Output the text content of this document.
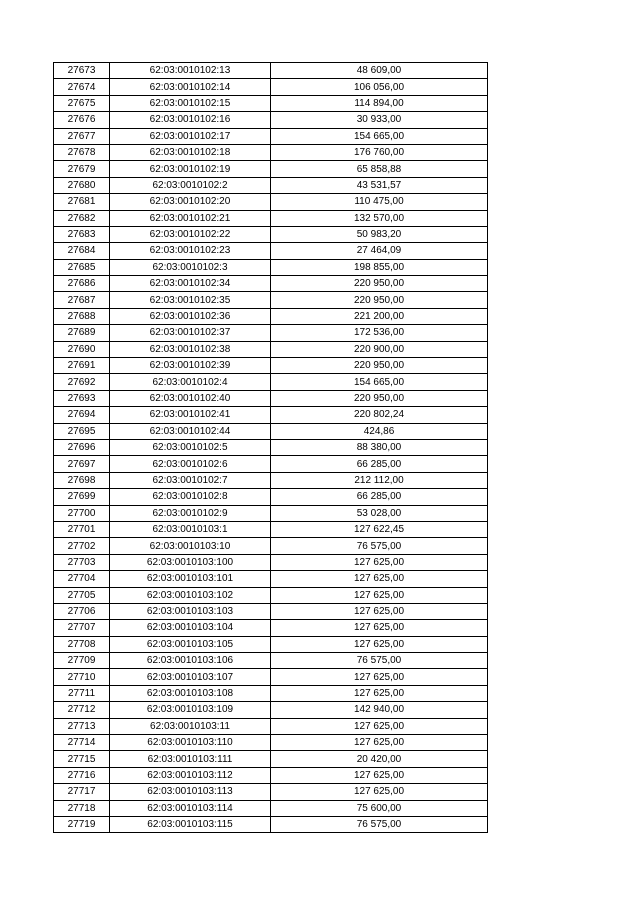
27673	62:03:0010102:13	48 609,00
27674	62:03:0010102:14	106 056,00
27675	62:03:0010102:15	114 894,00
27676	62:03:0010102:16	30 933,00
27677	62:03:0010102:17	154 665,00
27678	62:03:0010102:18	176 760,00
27679	62:03:0010102:19	65 858,88
27680	62:03:0010102:2	43 531,57
27681	62:03:0010102:20	110 475,00
27682	62:03:0010102:21	132 570,00
27683	62:03:0010102:22	50 983,20
27684	62:03:0010102:23	27 464,09
27685	62:03:0010102:3	198 855,00
27686	62:03:0010102:34	220 950,00
27687	62:03:0010102:35	220 950,00
27688	62:03:0010102:36	221 200,00
27689	62:03:0010102:37	172 536,00
27690	62:03:0010102:38	220 900,00
27691	62:03:0010102:39	220 950,00
27692	62:03:0010102:4	154 665,00
27693	62:03:0010102:40	220 950,00
27694	62:03:0010102:41	220 802,24
27695	62:03:0010102:44	424,86
27696	62:03:0010102:5	88 380,00
27697	62:03:0010102:6	66 285,00
27698	62:03:0010102:7	212 112,00
27699	62:03:0010102:8	66 285,00
27700	62:03:0010102:9	53 028,00
27701	62:03:0010103:1	127 622,45
27702	62:03:0010103:10	76 575,00
27703	62:03:0010103:100	127 625,00
27704	62:03:0010103:101	127 625,00
27705	62:03:0010103:102	127 625,00
27706	62:03:0010103:103	127 625,00
27707	62:03:0010103:104	127 625,00
27708	62:03:0010103:105	127 625,00
27709	62:03:0010103:106	76 575,00
27710	62:03:0010103:107	127 625,00
27711	62:03:0010103:108	127 625,00
27712	62:03:0010103:109	142 940,00
27713	62:03:0010103:11	127 625,00
27714	62:03:0010103:110	127 625,00
27715	62:03:0010103:111	20 420,00
27716	62:03:0010103:112	127 625,00
27717	62:03:0010103:113	127 625,00
27718	62:03:0010103:114	75 600,00
27719	62:03:0010103:115	76 575,00
